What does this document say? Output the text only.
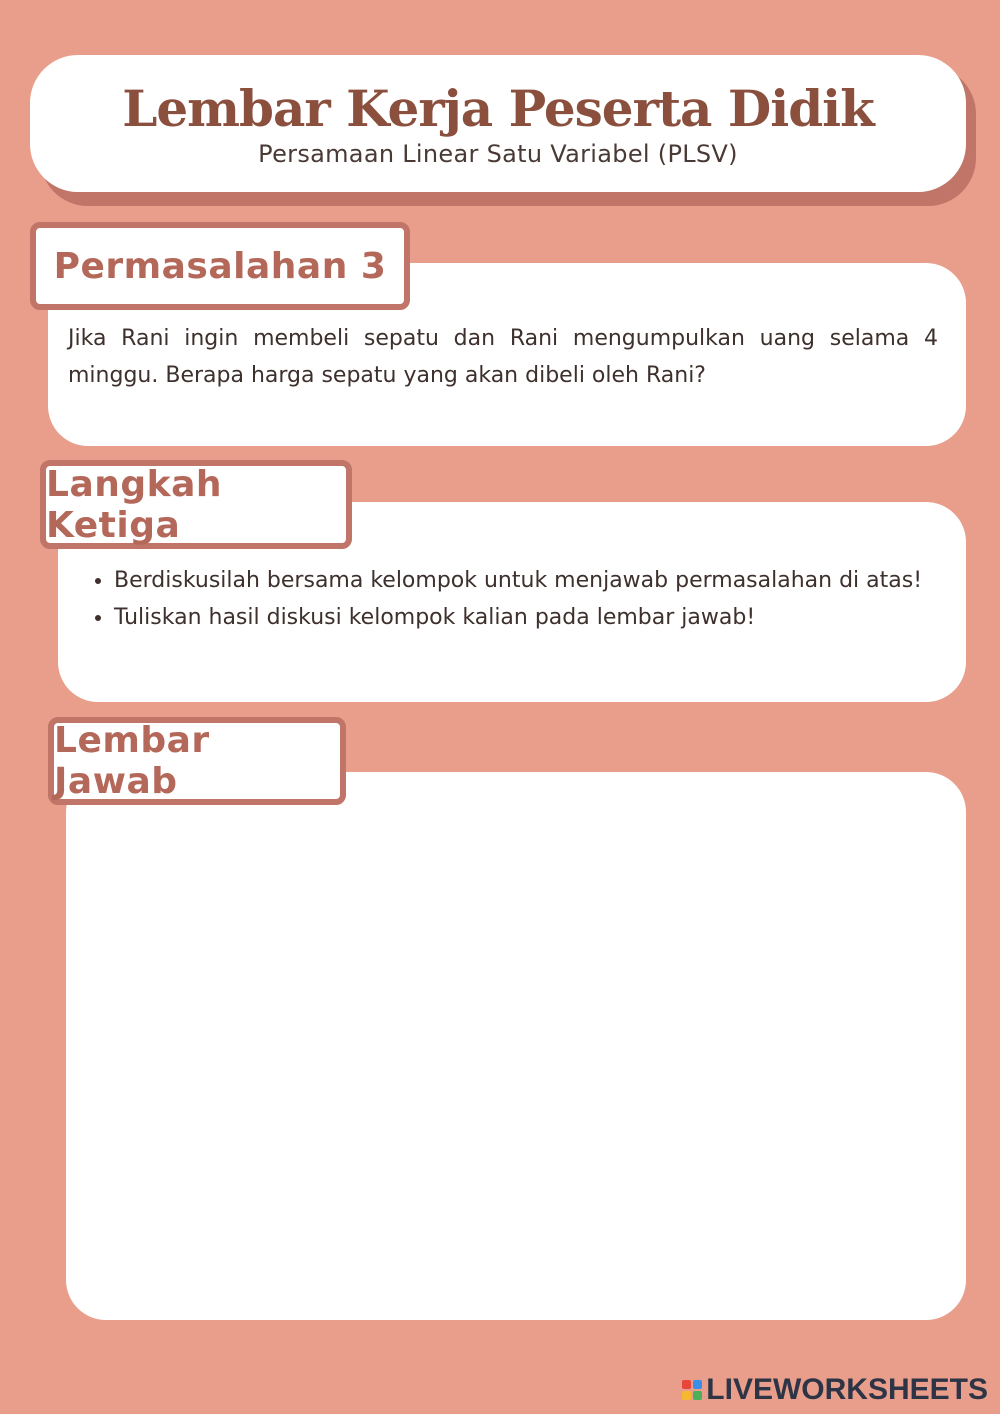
Lembar Kerja Peserta Didik
Persamaan Linear Satu Variabel (PLSV)
Permasalahan 3
Jika Rani ingin membeli sepatu dan Rani mengumpulkan uang selama 4 minggu. Berapa harga sepatu yang akan dibeli oleh Rani?
Langkah Ketiga
• Berdiskusilah bersama kelompok untuk menjawab permasalahan di atas!
• Tuliskan hasil diskusi kelompok kalian pada lembar jawab!
Lembar Jawab
LIVEWORKSHEETS
